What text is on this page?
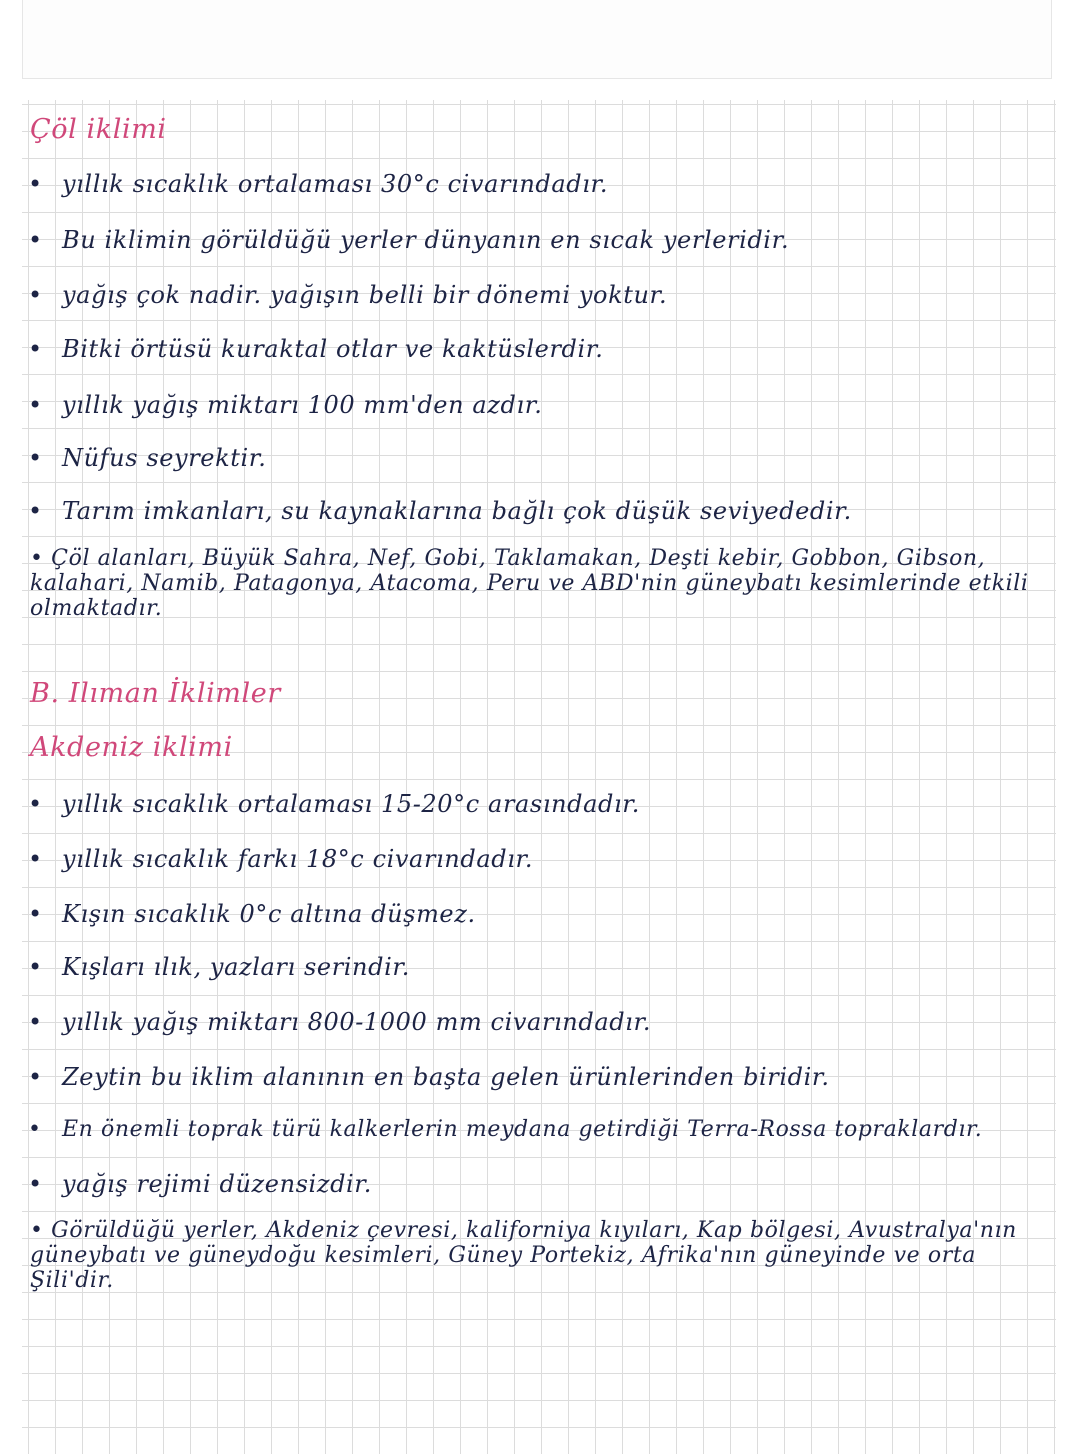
Çöl iklimi
• yıllık sıcaklık ortalaması 30°c civarındadır.
• Bu iklimin görüldüğü yerler dünyanın en sıcak yerleridir.
• yağış çok nadir. yağışın belli bir dönemi yoktur.
• Bitki örtüsü kuraktal otlar ve kaktüslerdir.
• yıllık yağış miktarı 100 mm'den azdır.
• Nüfus seyrektir.
• Tarım imkanları, su kaynaklarına bağlı çok düşük seviyededir.
• Çöl alanları, Büyük Sahra, Nef, Gobi, Taklamakan, Deşti kebir, Gobbon, Gibson, kalahari, Namib, Patagonya, Atacoma, Peru ve ABD'nin güneybatı kesimlerinde etkili olmaktadır.
B. Ilıman İklimler
Akdeniz iklimi
• yıllık sıcaklık ortalaması 15-20°c arasındadır.
• yıllık sıcaklık farkı 18°c civarındadır.
• Kışın sıcaklık 0°c altına düşmez.
• Kışları ılık, yazları serindir.
• yıllık yağış miktarı 800-1000 mm civarındadır.
• Zeytin bu iklim alanının en başta gelen ürünlerinden biridir.
• En önemli toprak türü kalkerlerin meydana getirdiği Terra-Rossa topraklardır.
• yağış rejimi düzensizdir.
• Görüldüğü yerler, Akdeniz çevresi, kaliforniya kıyıları, Kap bölgesi, Avustralya'nın güneybatı ve güneydoğu kesimleri, Güney Portekiz, Afrika'nın güneyinde ve orta Şili'dir.
